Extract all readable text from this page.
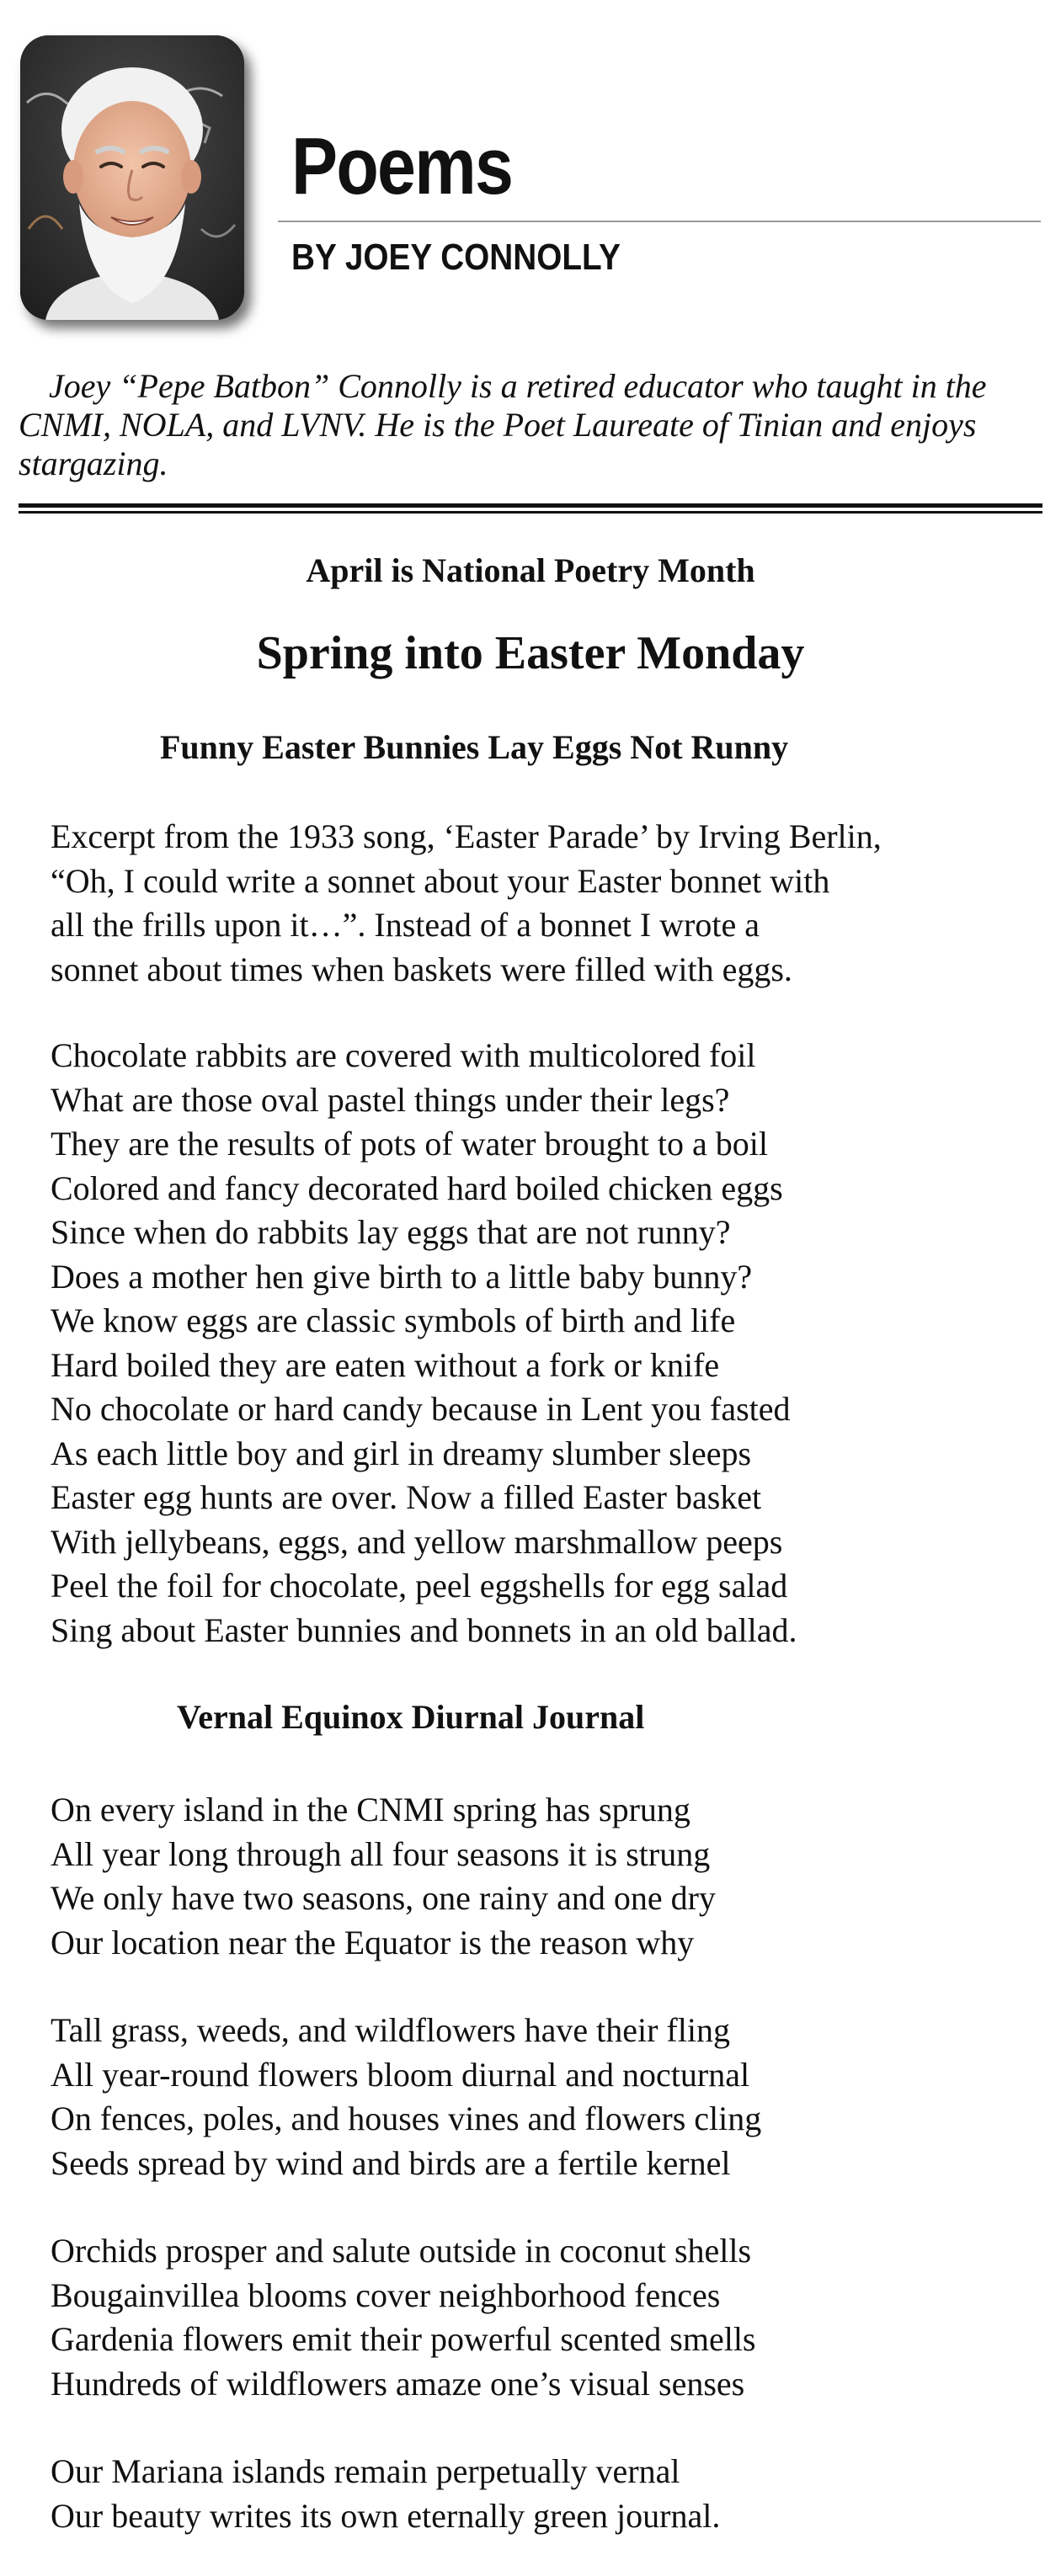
Poems
BY JOEY CONNOLLY

Joey “Pepe Batbon” Connolly is a retired educator who taught in the CNMI, NOLA, and LVNV. He is the Poet Laureate of Tinian and enjoys stargazing.

April is National Poetry Month
Spring into Easter Monday
Funny Easter Bunnies Lay Eggs Not Runny
Excerpt from the 1933 song, ‘Easter Parade’ by Irving Berlin,
“Oh, I could write a sonnet about your Easter bonnet with
all the frills upon it…”. Instead of a bonnet I wrote a
sonnet about times when baskets were filled with eggs.
Chocolate rabbits are covered with multicolored foil
What are those oval pastel things under their legs?
They are the results of pots of water brought to a boil
Colored and fancy decorated hard boiled chicken eggs
Since when do rabbits lay eggs that are not runny?
Does a mother hen give birth to a little baby bunny?
We know eggs are classic symbols of birth and life
Hard boiled they are eaten without a fork or knife
No chocolate or hard candy because in Lent you fasted
As each little boy and girl in dreamy slumber sleeps
Easter egg hunts are over. Now a filled Easter basket
With jellybeans, eggs, and yellow marshmallow peeps
Peel the foil for chocolate, peel eggshells for egg salad
Sing about Easter bunnies and bonnets in an old ballad.
Vernal Equinox Diurnal Journal
On every island in the CNMI spring has sprung
All year long through all four seasons it is strung
We only have two seasons, one rainy and one dry
Our location near the Equator is the reason why
Tall grass, weeds, and wildflowers have their fling
All year-round flowers bloom diurnal and nocturnal
On fences, poles, and houses vines and flowers cling
Seeds spread by wind and birds are a fertile kernel
Orchids prosper and salute outside in coconut shells
Bougainvillea blooms cover neighborhood fences
Gardenia flowers emit their powerful scented smells
Hundreds of wildflowers amaze one’s visual senses
Our Mariana islands remain perpetually vernal
Our beauty writes its own eternally green journal.
